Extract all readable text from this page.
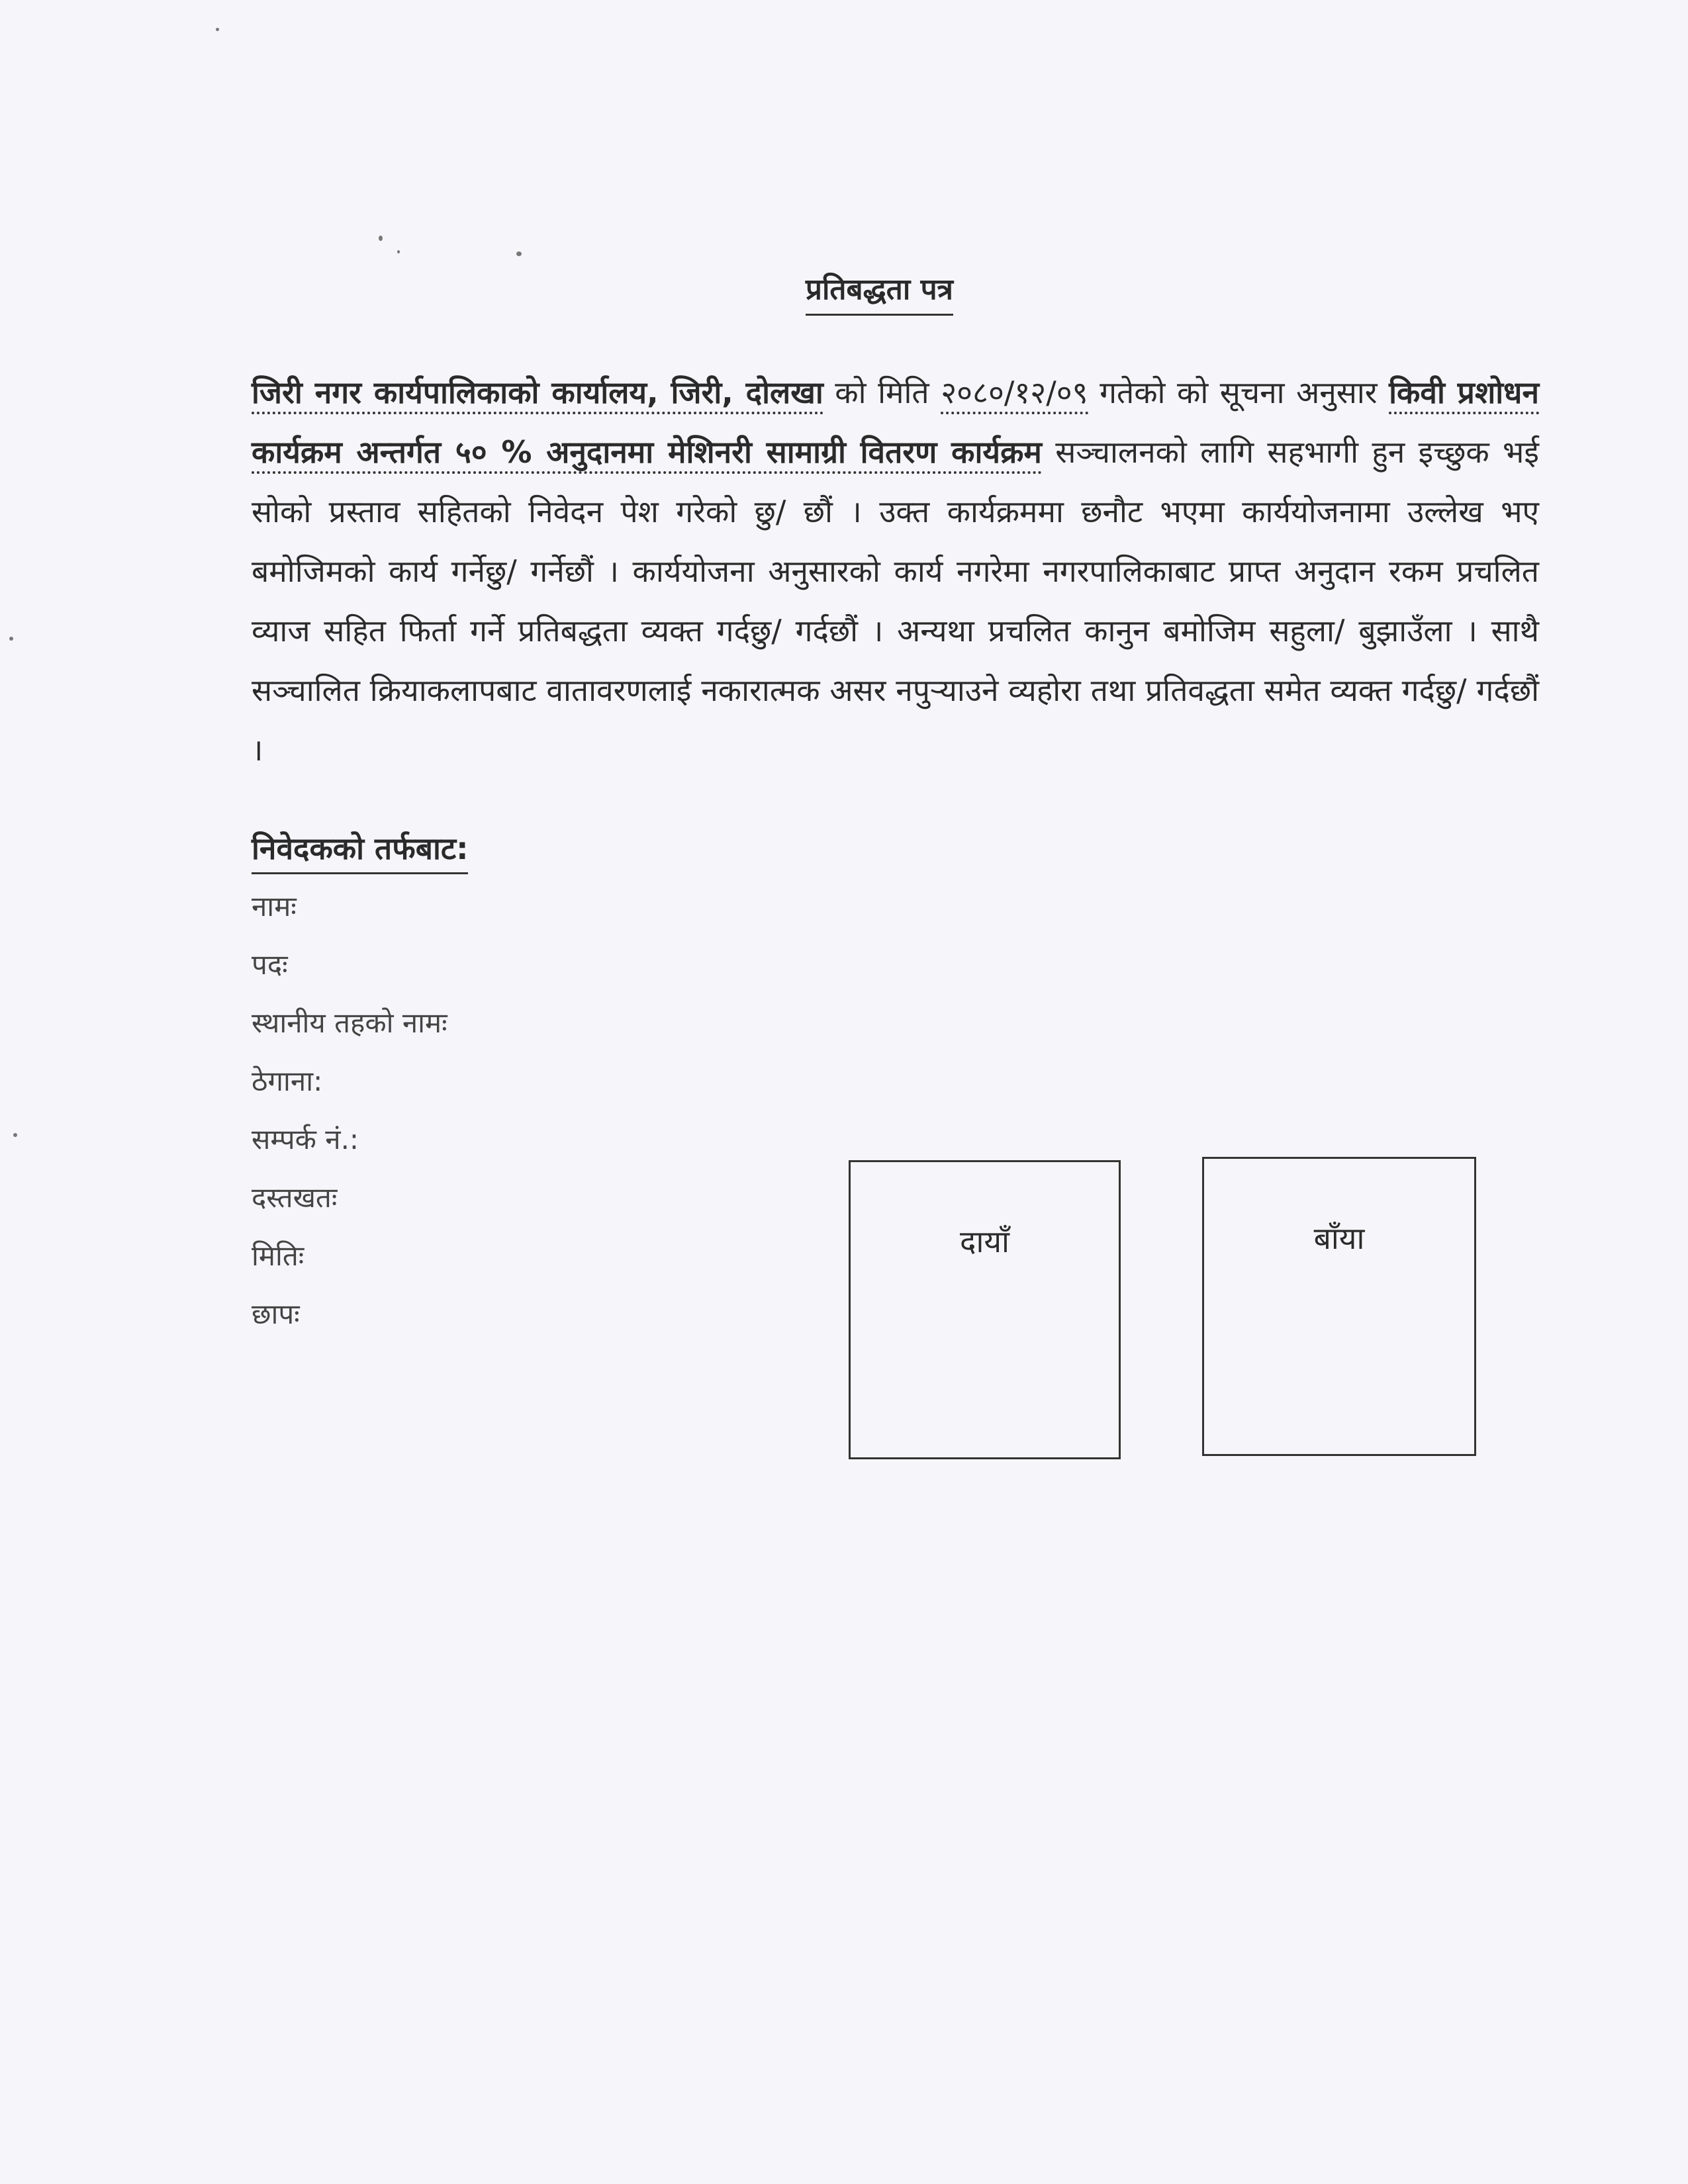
प्रतिबद्धता पत्र
जिरी नगर कार्यपालिकाको कार्यालय, जिरी, दोलखा को मिति २०८०/१२/०९ गतेको को सूचना अनुसार किवी प्रशोधन कार्यक्रम अन्तर्गत ५० % अनुदानमा मेशिनरी सामाग्री वितरण कार्यक्रम सञ्चालनको लागि सहभागी हुन इच्छुक भई सोको प्रस्ताव सहितको निवेदन पेश गरेको छु/ छौं । उक्त कार्यक्रममा छनौट भएमा कार्ययोजनामा उल्लेख भए बमोजिमको कार्य गर्नेछु/ गर्नेछौं । कार्ययोजना अनुसारको कार्य नगरेमा नगरपालिकाबाट प्राप्त अनुदान रकम प्रचलित व्याज सहित फिर्ता गर्ने प्रतिबद्धता व्यक्त गर्दछु/ गर्दछौं । अन्यथा प्रचलित कानुन बमोजिम सहुला/ बुझाउँला । साथै सञ्चालित क्रियाकलापबाट वातावरणलाई नकारात्मक असर नपुऱ्याउने व्यहोरा तथा प्रतिवद्धता समेत व्यक्त गर्दछु/ गर्दछौं ।
निवेदकको तर्फबाट:
नामः
पदः
स्थानीय तहको नामः
ठेगाना:
सम्पर्क नं.:
दस्तखतः
मितिः
छापः
दायाँ	बाँया
